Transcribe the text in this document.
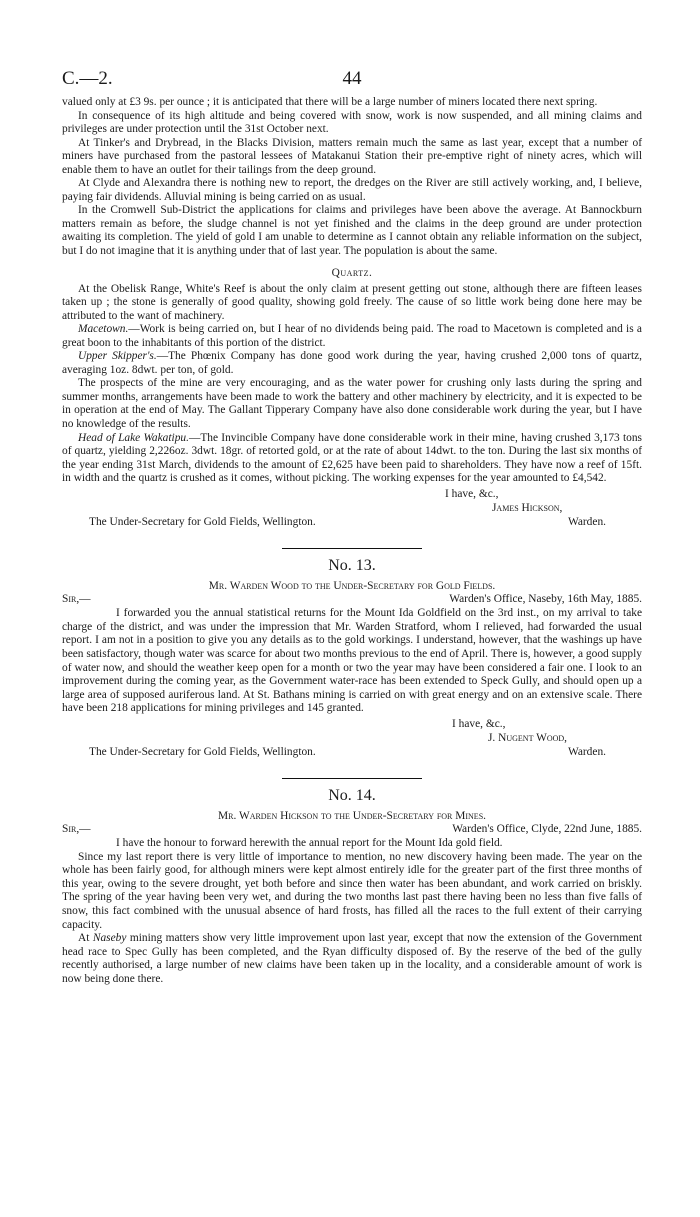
C.—2.	44

valued only at £3 9s. per ounce ; it is anticipated that there will be a large number of miners located there next spring.

In consequence of its high altitude and being covered with snow, work is now suspended, and all mining claims and privileges are under protection until the 31st October next.

At Tinker's and Drybread, in the Blacks Division, matters remain much the same as last year, except that a number of miners have purchased from the pastoral lessees of Matakanui Station their pre-emptive right of ninety acres, which will enable them to have an outlet for their tailings from the deep ground.

At Clyde and Alexandra there is nothing new to report, the dredges on the River are still actively working, and, I believe, paying fair dividends. Alluvial mining is being carried on as usual.

In the Cromwell Sub-District the applications for claims and privileges have been above the average. At Bannockburn matters remain as before, the sludge channel is not yet finished and the claims in the deep ground are under protection awaiting its completion. The yield of gold I am unable to determine as I cannot obtain any reliable information on the subject, but I do not imagine that it is anything under that of last year. The population is about the same.

Quartz.

At the Obelisk Range, White's Reef is about the only claim at present getting out stone, although there are fifteen leases taken up ; the stone is generally of good quality, showing gold freely. The cause of so little work being done here may be attributed to the want of machinery.

Macetown.—Work is being carried on, but I hear of no dividends being paid. The road to Macetown is completed and is a great boon to the inhabitants of this portion of the district.

Upper Skipper's.—The Phœnix Company has done good work during the year, having crushed 2,000 tons of quartz, averaging 1oz. 8dwt. per ton, of gold.

The prospects of the mine are very encouraging, and as the water power for crushing only lasts during the spring and summer months, arrangements have been made to work the battery and other machinery by electricity, and it is expected to be in operation at the end of May. The Gallant Tipperary Company have also done considerable work during the year, but I have no knowledge of the results.

Head of Lake Wakatipu.—The Invincible Company have done considerable work in their mine, having crushed 3,173 tons of quartz, yielding 2,226oz. 3dwt. 18gr. of retorted gold, or at the rate of about 14dwt. to the ton. During the last six months of the year ending 31st March, dividends to the amount of £2,625 have been paid to shareholders. They have now a reef of 15ft. in width and the quartz is crushed as it comes, without picking. The working expenses for the year amounted to £4,542.

I have, &c.,
James Hickson,
The Under-Secretary for Gold Fields, Wellington.	Warden.
No. 13.
Mr. Warden Wood to the Under-Secretary for Gold Fields.
Sir,—	Warden's Office, Naseby, 16th May, 1885.

I forwarded you the annual statistical returns for the Mount Ida Goldfield on the 3rd inst., on my arrival to take charge of the district, and was under the impression that Mr. Warden Stratford, whom I relieved, had forwarded the usual report. I am not in a position to give you any details as to the gold workings. I understand, however, that the washings up have been satisfactory, though water was scarce for about two months previous to the end of April. There is, however, a good supply of water now, and should the weather keep open for a month or two the year may have been considered a fair one. I look to an improvement during the coming year, as the Government water-race has been extended to Speck Gully, and should open up a large area of supposed auriferous land. At St. Bathans mining is carried on with great energy and on an extensive scale. There have been 218 applications for mining privileges and 145 granted.

I have, &c.,
J. Nugent Wood,
The Under-Secretary for Gold Fields, Wellington.	Warden.
No. 14.
Mr. Warden Hickson to the Under-Secretary for Mines.
Sir,—	Warden's Office, Clyde, 22nd June, 1885.

I have the honour to forward herewith the annual report for the Mount Ida gold field.

Since my last report there is very little of importance to mention, no new discovery having been made. The year on the whole has been fairly good, for although miners were kept almost entirely idle for the greater part of the first three months of this year, owing to the severe drought, yet both before and since then water has been abundant, and work carried on briskly. The spring of the year having been very wet, and during the two months last past there having been no less than five falls of snow, this fact combined with the unusual absence of hard frosts, has filled all the races to the full extent of their carrying capacity.

At Naseby mining matters show very little improvement upon last year, except that now the extension of the Government head race to Spec Gully has been completed, and the Ryan difficulty disposed of. By the reserve of the bed of the gully recently authorised, a large number of new claims have been taken up in the locality, and a considerable amount of work is now being done there.
